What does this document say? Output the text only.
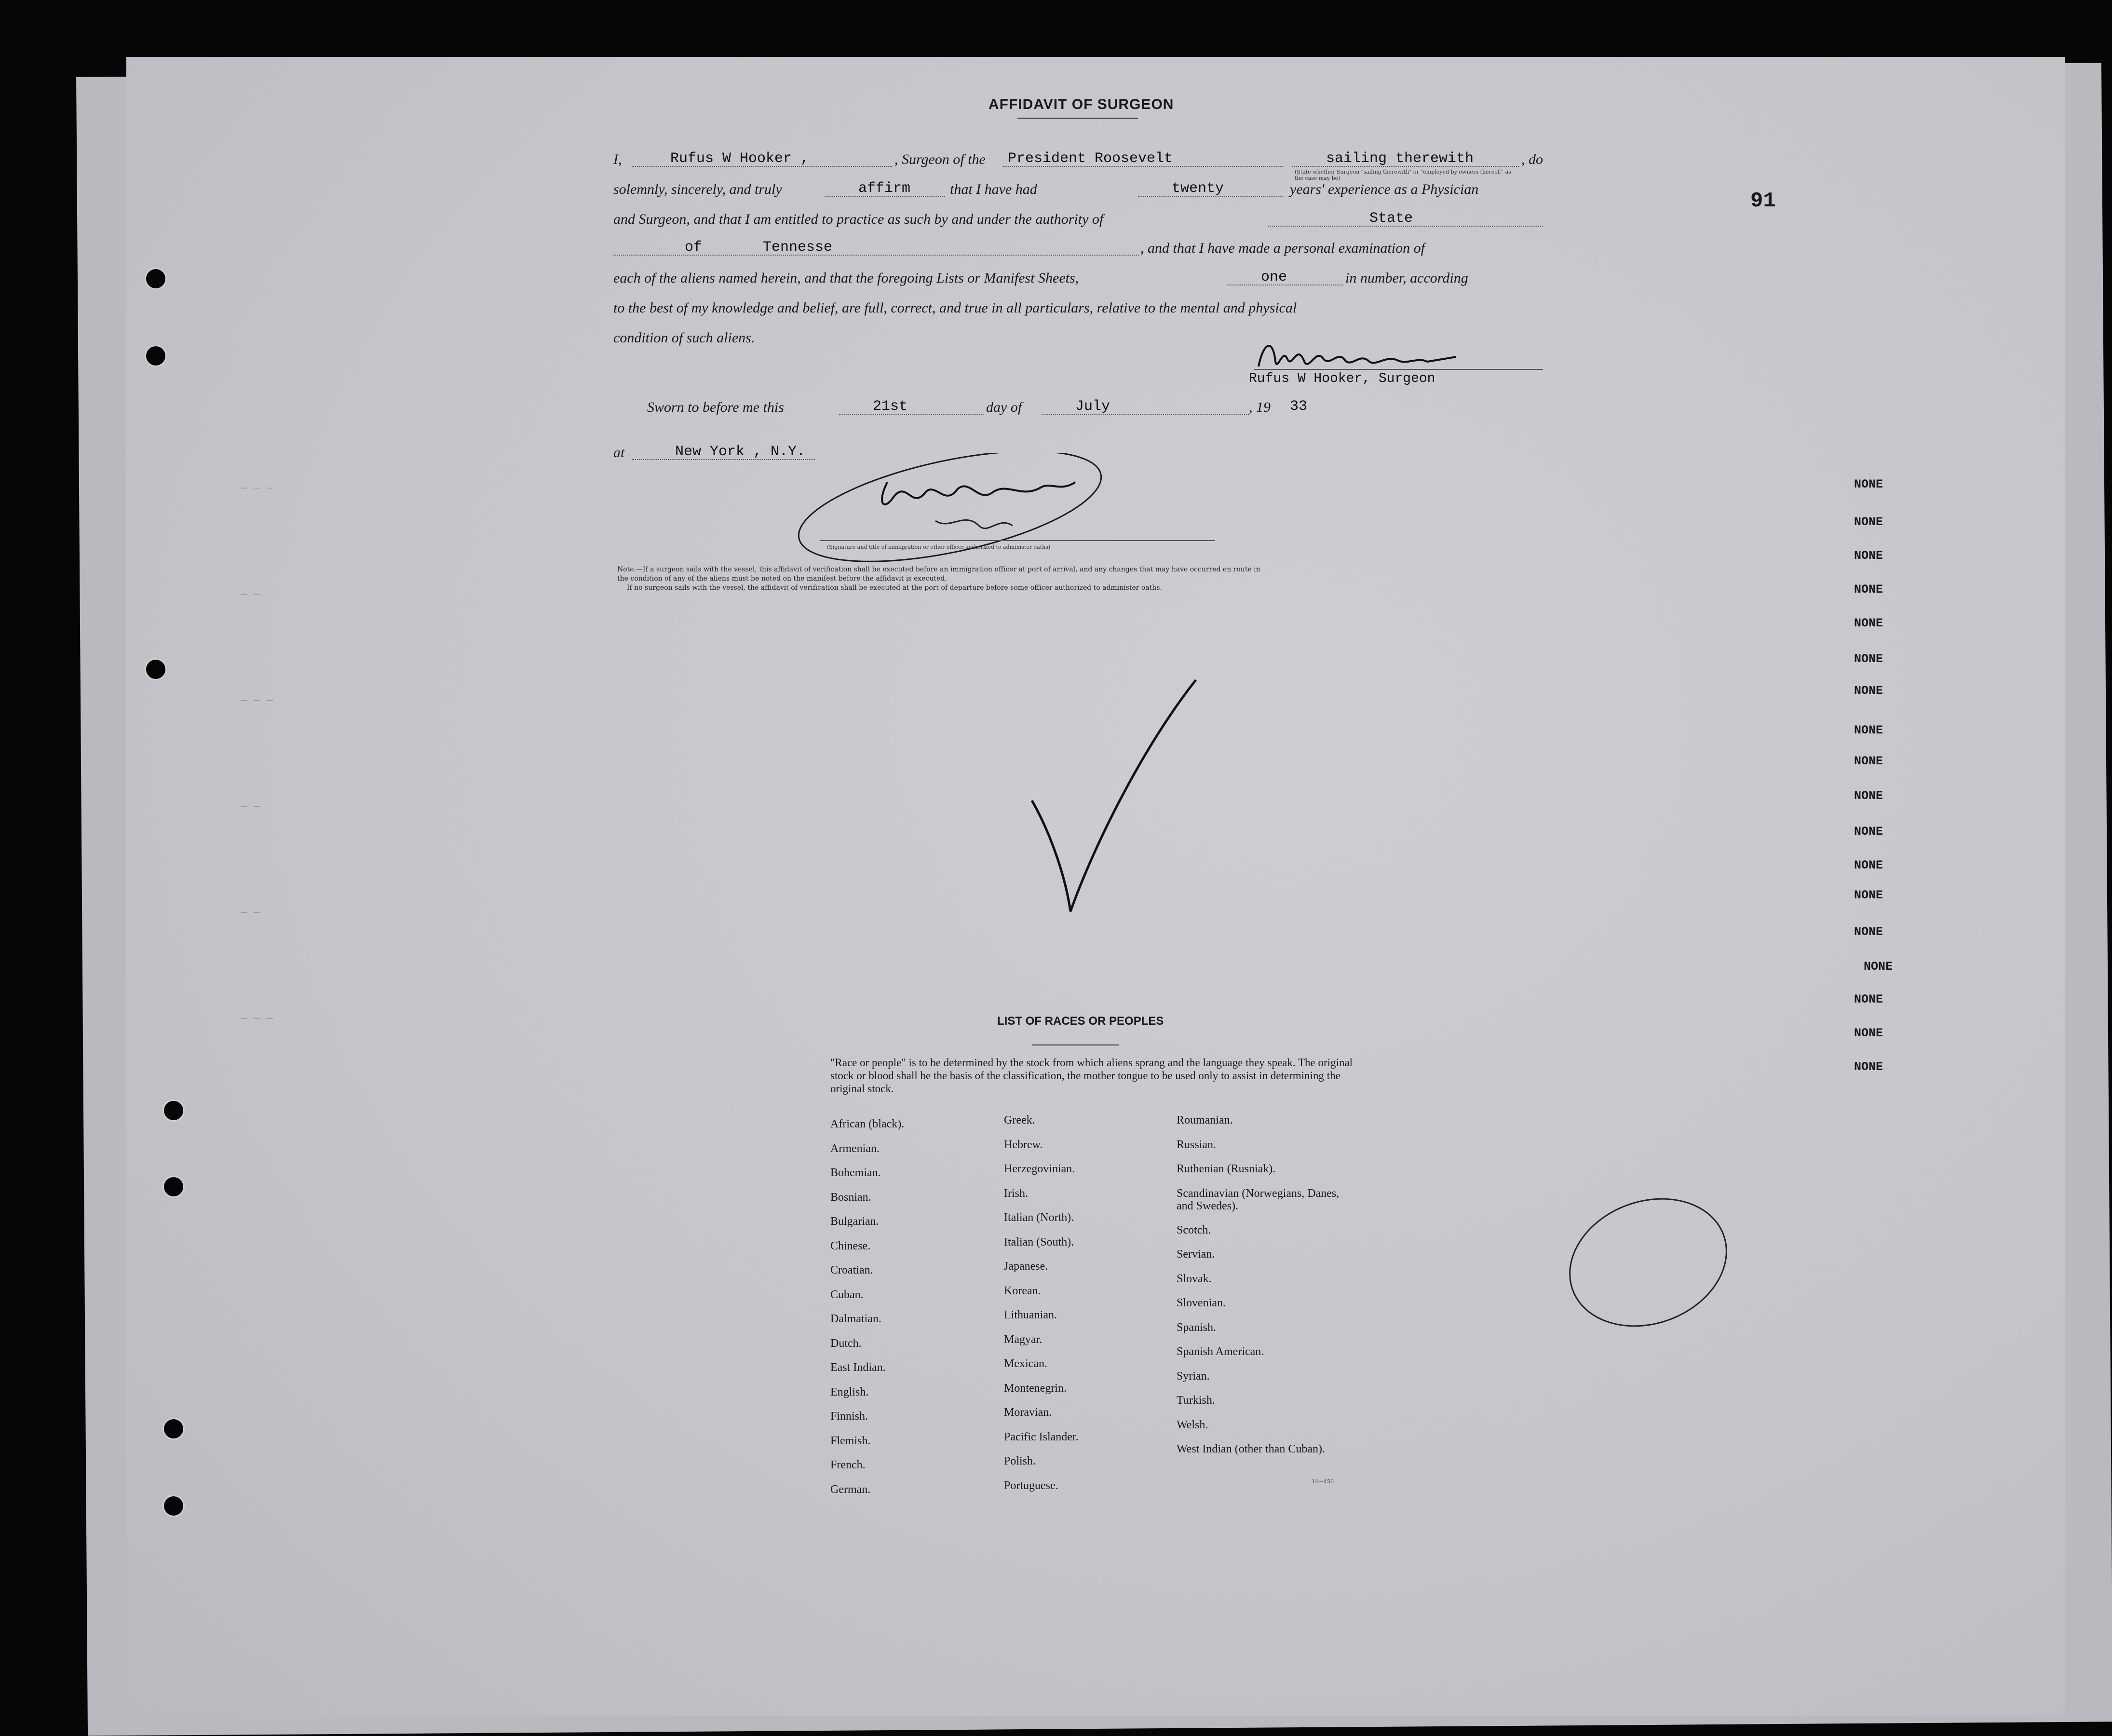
— — —
— —
— — —
— —
— —
— — —
91
AFFIDAVIT OF SURGEON
I,	Rufus W Hooker ,	, Surgeon of the President Roosevelt	sailing therewith	, do
(State whether Surgeon "sailing therewith" or "employed by owners thereof," as the case may be)
solemnly, sincerely, and truly	affirm	that I have had	twenty	years' experience as a Physician
and Surgeon, and that I am entitled to practice as such by and under the authority of	State
of       Tennesse	, and that I have made a personal examination of
each of the aliens named herein, and that the foregoing Lists or Manifest Sheets,	one	in number, according
to the best of my knowledge and belief, are full, correct, and true in all particulars, relative to the mental and physical
condition of such aliens.
Rufus W Hooker, Surgeon
Sworn to before me this	21st	day of	July	, 19 33
at	New York , N.Y.
(Signature and title of immigration or other officer authorized to administer oaths)
Note.—If a surgeon sails with the vessel, this affidavit of verification shall be executed before an immigration officer at port of arrival, and any changes that may have occurred en route in
the condition of any of the aliens must be noted on the manifest before the affidavit is executed.
If no surgeon sails with the vessel, the affidavit of verification shall be executed at the port of departure before some officer authorized to administer oaths.
NONE
NONE
NONE
NONE
NONE
NONE
NONE
NONE
NONE
NONE
NONE
NONE
NONE
NONE
NONE
NONE
NONE
NONE
LIST OF RACES OR PEOPLES
"Race or people" is to be determined by the stock from which aliens sprang and the language they speak. The original stock or blood shall be the basis of the classification, the mother tongue to be used only to assist in determining the original stock.
African (black).
Armenian.
Bohemian.
Bosnian.
Bulgarian.
Chinese.
Croatian.
Cuban.
Dalmatian.
Dutch.
East Indian.
English.
Finnish.
Flemish.
French.
German.
Greek.
Hebrew.
Herzegovinian.
Irish.
Italian (North).
Italian (South).
Japanese.
Korean.
Lithuanian.
Magyar.
Mexican.
Montenegrin.
Moravian.
Pacific Islander.
Polish.
Portuguese.
Roumanian.
Russian.
Ruthenian (Rusniak).
Scandinavian (Norwegians, Danes, and Swedes).
Scotch.
Servian.
Slovak.
Slovenian.
Spanish.
Spanish American.
Syrian.
Turkish.
Welsh.
West Indian (other than Cuban).
14—450
